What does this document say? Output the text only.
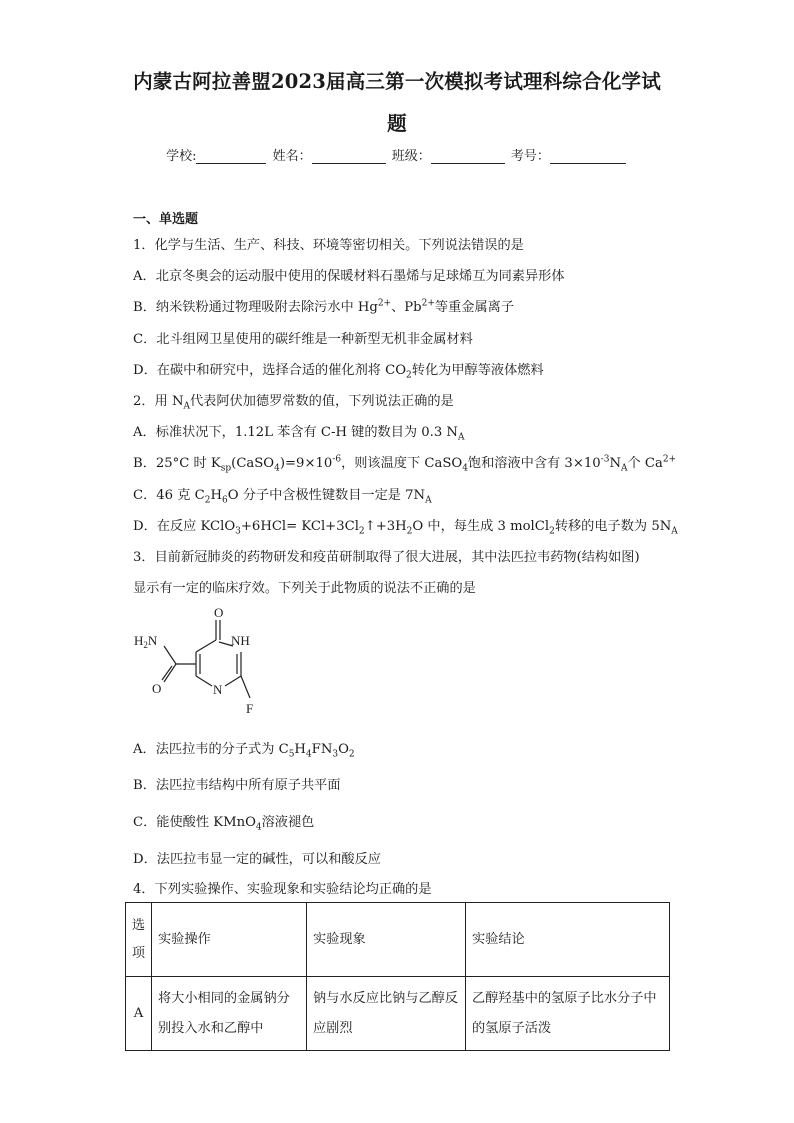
内蒙古阿拉善盟2023届高三第一次模拟考试理科综合化学试
题
学校:	姓名：	班级：	考号：
一、单选题
1．化学与生活、生产、科技、环境等密切相关。下列说法错误的是
A．北京冬奥会的运动服中使用的保暖材料石墨烯与足球烯互为同素异形体
B．纳米铁粉通过物理吸附去除污水中 $Hg^{2+}$、$Pb^{2+}$等重金属离子
C．北斗组网卫星使用的碳纤维是一种新型无机非金属材料
D．在碳中和研究中，选择合适的催化剂将 $CO_2$转化为甲醇等液体燃料
2．用 $N_A$代表阿伏加德罗常数的值，下列说法正确的是
A．标准状况下，1.12L 苯含有 C-H 键的数目为 0.3 $N_A$
B．25°C 时 $K_{sp}(CaSO_4)=9\times 10^{-6}$，则该温度下 CaSO$_4$饱和溶液中含有 $3\times 10^{-3}N_A$个 $Ca^{2+}$
C．46 克 $C_2H_6O$ 分子中含极性键数目一定是 $7N_A$
D．在反应 KClO$_3$+6HCl= $KCl+3Cl_2↑+3H_2O$ 中，每生成 3 molCl$_2$转移的电子数为 $5N_A$
3．目前新冠肺炎的药物研发和疫苗研制取得了很大进展，其中法匹拉韦药物(结构如图)
显示有一定的临床疗效。下列关于此物质的说法不正确的是
O
NH
$H_2N$
O	N
F
A．法匹拉韦的分子式为 $C_5H_4FN_3O_2$
B．法匹拉韦结构中所有原子共平面
C．能使酸性 KMnO$_4$溶液褪色
D．法匹拉韦显一定的碱性，可以和酸反应
4．下列实验操作、实验现象和实验结论均正确的是
选项	实验操作	实验现象	实验结论
A	将大小相同的金属钠分别投入水和乙醇中	钠与水反应比钠与乙醇反应剧烈	乙醇羟基中的氢原子比水分子中的氢原子活泼
